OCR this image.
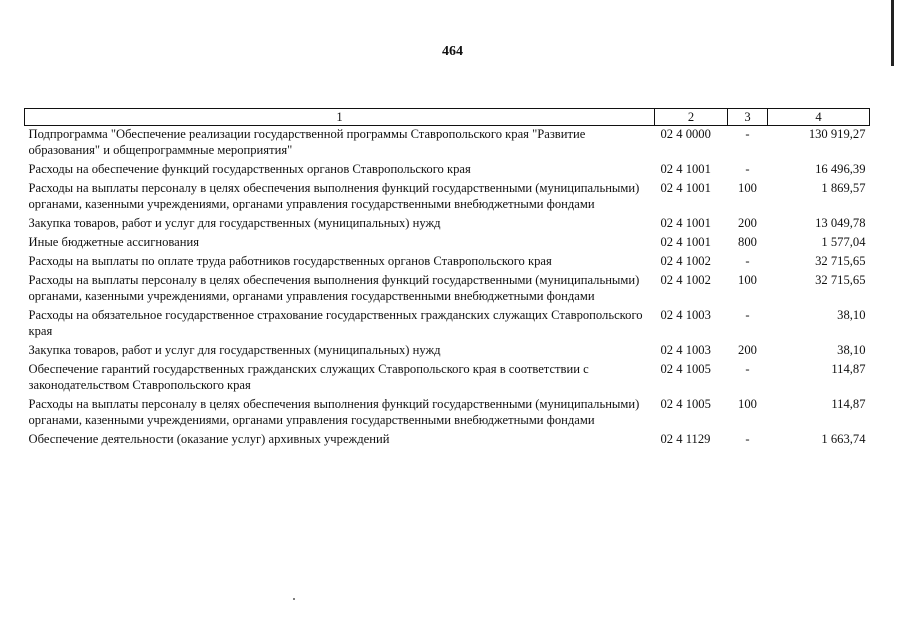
464
1	2	3	4
Подпрограмма "Обеспечение реализации государственной программы Ставропольского края "Развитие образования" и общепрограммные мероприятия"	02 4 0000	-	130 919,27
Расходы на обеспечение функций государственных органов Ставропольского края	02 4 1001	-	16 496,39
Расходы на выплаты персоналу в целях обеспечения выполнения функций государственными (муниципальными) органами, казенными учреждениями, органами управления государственными внебюджетными фондами	02 4 1001	100	1 869,57
Закупка товаров, работ и услуг для государственных (муниципальных) нужд	02 4 1001	200	13 049,78
Иные бюджетные ассигнования	02 4 1001	800	1 577,04
Расходы на выплаты по оплате труда работников государственных органов Ставропольского края	02 4 1002	-	32 715,65
Расходы на выплаты персоналу в целях обеспечения выполнения функций государственными (муниципальными) органами, казенными учреждениями, органами управления государственными внебюджетными фондами	02 4 1002	100	32 715,65
Расходы на обязательное государственное страхование государственных гражданских служащих Ставропольского края	02 4 1003	-	38,10
Закупка товаров, работ и услуг для государственных (муниципальных) нужд	02 4 1003	200	38,10
Обеспечение гарантий государственных гражданских служащих Ставропольского края в соответствии с законодательством Ставропольского края	02 4 1005	-	114,87
Расходы на выплаты персоналу в целях обеспечения выполнения функций государственными (муниципальными) органами, казенными учреждениями, органами управления государственными внебюджетными фондами	02 4 1005	100	114,87
Обеспечение деятельности (оказание услуг) архивных учреждений	02 4 1129	-	1 663,74
